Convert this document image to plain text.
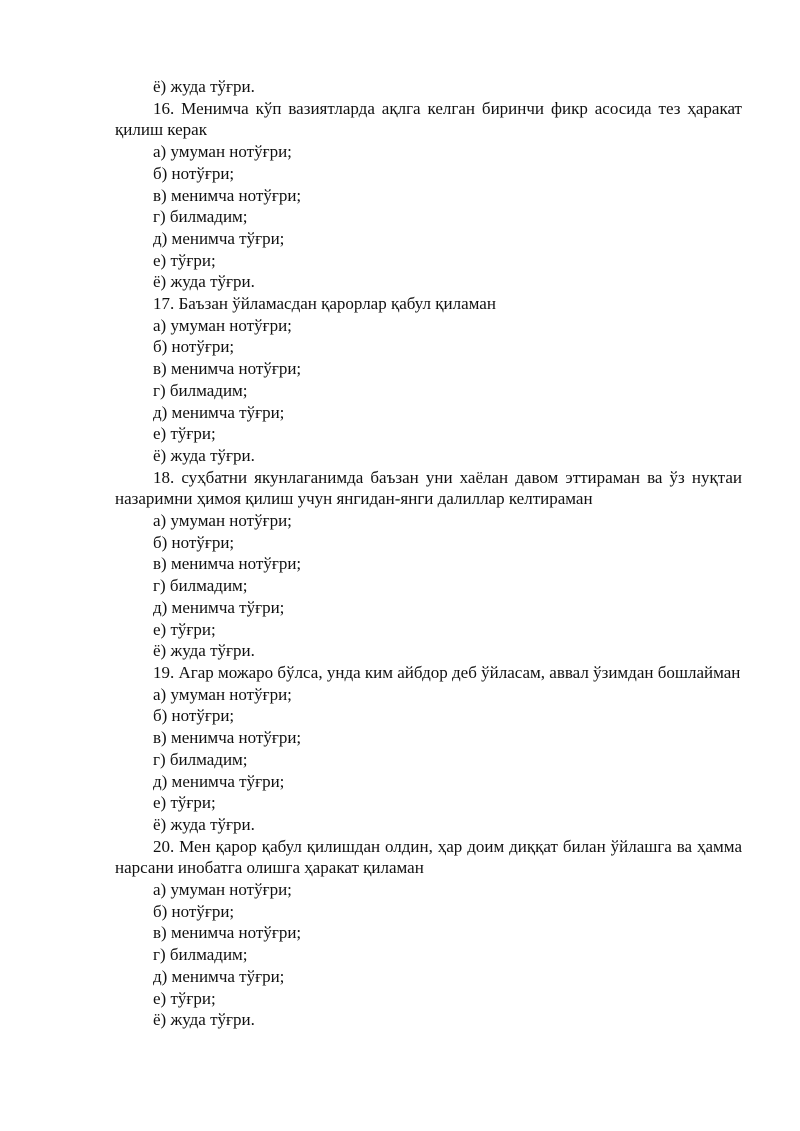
ё) жуда тўғри.

16. Менимча кўп вазиятларда ақлга келган биринчи фикр асосида тез ҳаракат қилиш керак

а) умуман нотўғри;

б) нотўғри;

в) менимча нотўғри;

г) билмадим;

д) менимча тўғри;

е) тўғри;

ё) жуда тўғри.

17. Баъзан ўйламасдан қарорлар қабул қиламан

а) умуман нотўғри;

б) нотўғри;

в) менимча нотўғри;

г) билмадим;

д) менимча тўғри;

е) тўғри;

ё) жуда тўғри.

18. суҳбатни якунлаганимда баъзан уни хаёлан давом эттираман ва ўз нуқтаи назаримни ҳимоя қилиш учун янгидан-янги далиллар келтираман

а) умуман нотўғри;

б) нотўғри;

в) менимча нотўғри;

г) билмадим;

д) менимча тўғри;

е) тўғри;

ё) жуда тўғри.

19. Агар можаро бўлса, унда ким айбдор деб ўйласам, аввал ўзимдан бошлайман

а) умуман нотўғри;

б) нотўғри;

в) менимча нотўғри;

г) билмадим;

д) менимча тўғри;

е) тўғри;

ё) жуда тўғри.

20. Мен қарор қабул қилишдан олдин, ҳар доим диққат билан ўйлашга ва ҳамма нарсани инобатга олишга ҳаракат қиламан

а) умуман нотўғри;

б) нотўғри;

в) менимча нотўғри;

г) билмадим;

д) менимча тўғри;

е) тўғри;

ё) жуда тўғри.
